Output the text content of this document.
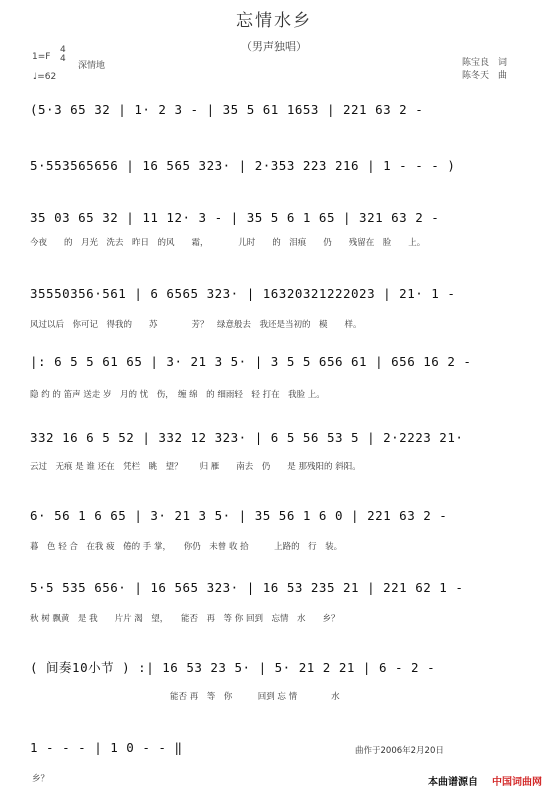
忘情水乡
（男声独唱）
1=F
4
4
深情地
♩=62
陈宝良　词
陈冬天　曲
(5·3 65 32 | 1· 2 3 - | 35 5 61 1653 | 221 63 2 -
5·553565656 | 16 565 323· | 2·353 223 216 | 1 - - - )
35 03 65 32 | 11 12· 3 - | 35 5 6 1 65 | 321 63 2 -
今夜　　的　月光　洗去　昨日　的风　　霜，　　　　儿时　　的　泪痕　　仍　　残留在　脸　　上。
35550356·561 | 6 6565 323· | 16320321222023 | 21· 1 -
风过以后　你可记　得我的　　苏　　　　芳？　绿意般去　我还是当初的　模　　样。
|: 6 5 5 61 65 | 3· 21 3 5· | 3 5 5 656 61 | 656 16 2 -
隐 约 的 笛声 送走 岁　月的 忧　伤，　缠 绵　的 细雨轻　轻 打在　我脸 上。
332 16 6 5 52 | 332 12 323· | 6 5 56 53 5 | 2·2223 21·
云过　无痕 是 谁 还在　凭栏　眺　望？　　归 雁　　南去　仍　　是 那残阳的 斜阳。
6· 56 1 6 65 | 3· 21 3 5· | 35 56 1 6 0 | 221 63 2 -
暮　色 轻 合　在我 疲　倦的 手 掌，　　你仍　未曾 收 拾　　　上路的　行　装。
5·5 535 656· | 16 565 323· | 16 53 235 21 | 221 62 1 -
秋 树 飘黄　是 我　　片片 渴　望，　　能否　再　等 你 回到　忘情　水　　乡？
( 间奏10小节 ) :| 16 53 23 5· | 5· 21 2 21 | 6 - 2 -
能否 再　等　你　　　回到 忘 情　　　　水
1 - - - | 1 0 - - ‖
乡？
曲作于2006年2月20日
本曲谱源自 中国词曲网
